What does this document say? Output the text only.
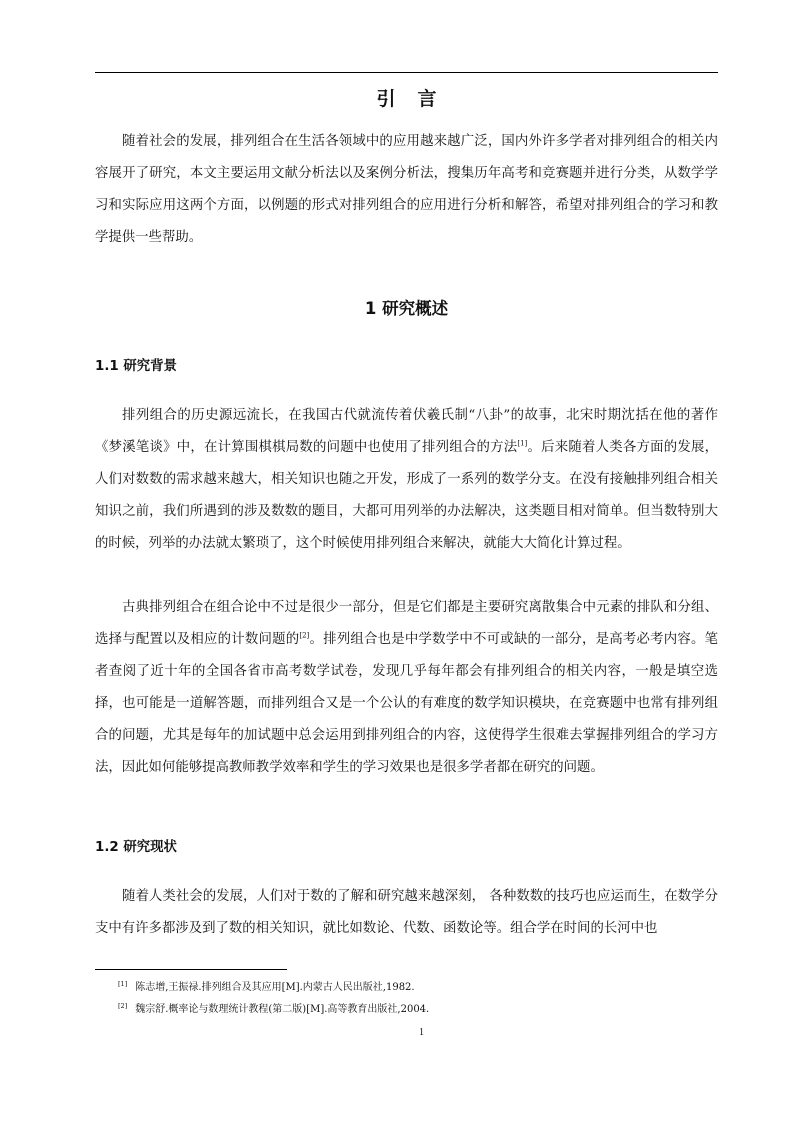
引言

随着社会的发展，排列组合在生活各领域中的应用越来越广泛，国内外许多学者对排列组合的相关内容展开了研究，本文主要运用文献分析法以及案例分析法，搜集历年高考和竞赛题并进行分类，从数学学习和实际应用这两个方面，以例题的形式对排列组合的应用进行分析和解答，希望对排列组合的学习和教学提供一些帮助。

1 研究概述
1.1 研究背景

排列组合的历史源远流长，在我国古代就流传着伏羲氏制“八卦”的故事，北宋时期沈括在他的著作《梦溪笔谈》中，在计算围棋棋局数的问题中也使用了排列组合的方法[1]。后来随着人类各方面的发展，人们对数数的需求越来越大，相关知识也随之开发，形成了一系列的数学分支。在没有接触排列组合相关知识之前，我们所遇到的涉及数数的题目，大都可用列举的办法解决，这类题目相对简单。但当数特别大的时候，列举的办法就太繁琐了，这个时候使用排列组合来解决，就能大大简化计算过程。

古典排列组合在组合论中不过是很少一部分，但是它们都是主要研究离散集合中元素的排队和分组、选择与配置以及相应的计数问题的[2]。排列组合也是中学数学中不可或缺的一部分，是高考必考内容。笔者查阅了近十年的全国各省市高考数学试卷，发现几乎每年都会有排列组合的相关内容，一般是填空选择，也可能是一道解答题，而排列组合又是一个公认的有难度的数学知识模块，在竞赛题中也常有排列组合的问题，尤其是每年的加试题中总会运用到排列组合的内容，这使得学生很难去掌握排列组合的学习方法，因此如何能够提高教师教学效率和学生的学习效果也是很多学者都在研究的问题。

1.2 研究现状

随着人类社会的发展，人们对于数的了解和研究越来越深刻， 各种数数的技巧也应运而生，在数学分支中有许多都涉及到了数的相关知识，就比如数论、代数、函数论等。组合学在时间的长河中也

[1] 陈志增,王振禄.排列组合及其应用[M].内蒙古人民出版社,1982.
[2] 魏宗舒.概率论与数理统计教程(第二版)[M].高等教育出版社,2004.
1
